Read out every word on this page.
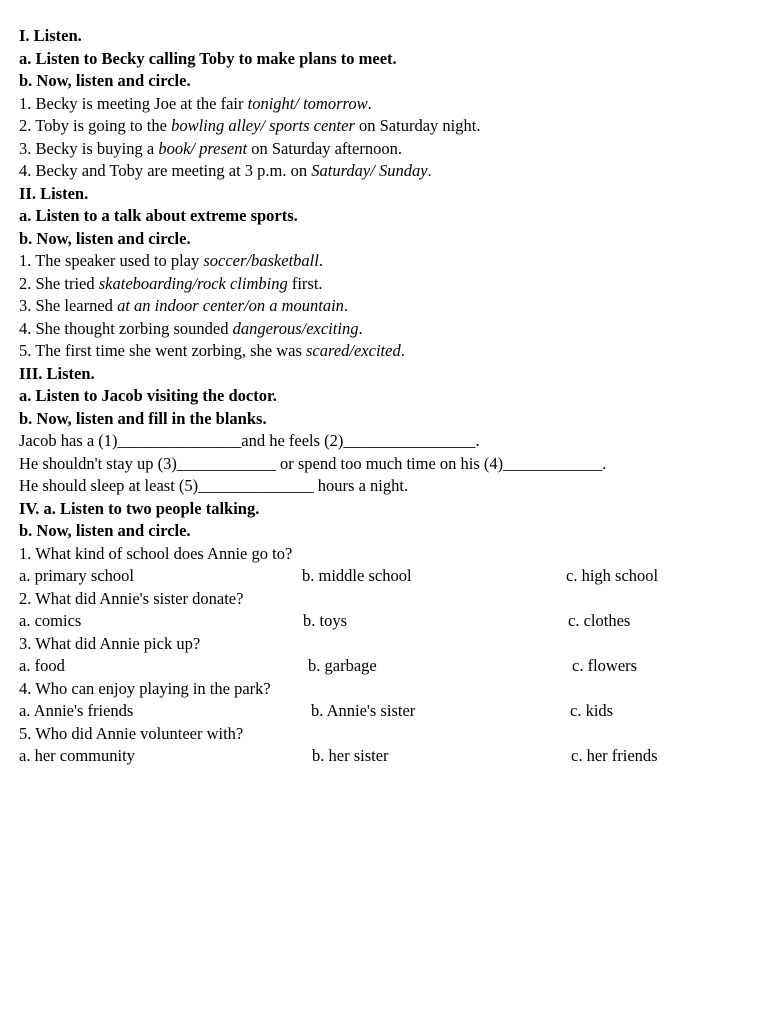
I. Listen.
a. Listen to Becky calling Toby to make plans to meet.
b. Now, listen and circle.
1. Becky is meeting Joe at the fair tonight/ tomorrow.
2. Toby is going to the bowling alley/ sports center on Saturday night.
3. Becky is buying a book/ present on Saturday afternoon.
4. Becky and Toby are meeting at 3 p.m. on Saturday/ Sunday.
II. Listen.
a. Listen to a talk about extreme sports.
b. Now, listen and circle.
1. The speaker used to play soccer/basketball.
2. She tried skateboarding/rock climbing first.
3. She learned at an indoor center/on a mountain.
4. She thought zorbing sounded dangerous/exciting.
5. The first time she went zorbing, she was scared/excited.
III. Listen.
a. Listen to Jacob visiting the doctor.
b. Now, listen and fill in the blanks.
Jacob has a (1)_______________and he feels (2)________________.
He shouldn't stay up (3)____________ or spend too much time on his (4)____________.
He should sleep at least (5)______________ hours a night.
IV. a. Listen to two people talking.
b. Now, listen and circle.
1. What kind of school does Annie go to?
a. primary school	b. middle school	c. high school
2. What did Annie's sister donate?
a. comics	b. toys	c. clothes
3. What did Annie pick up?
a. food	b. garbage	c. flowers
4. Who can enjoy playing in the park?
a. Annie's friends	b. Annie's sister	c. kids
5. Who did Annie volunteer with?
a. her community	b. her sister	c. her friends
